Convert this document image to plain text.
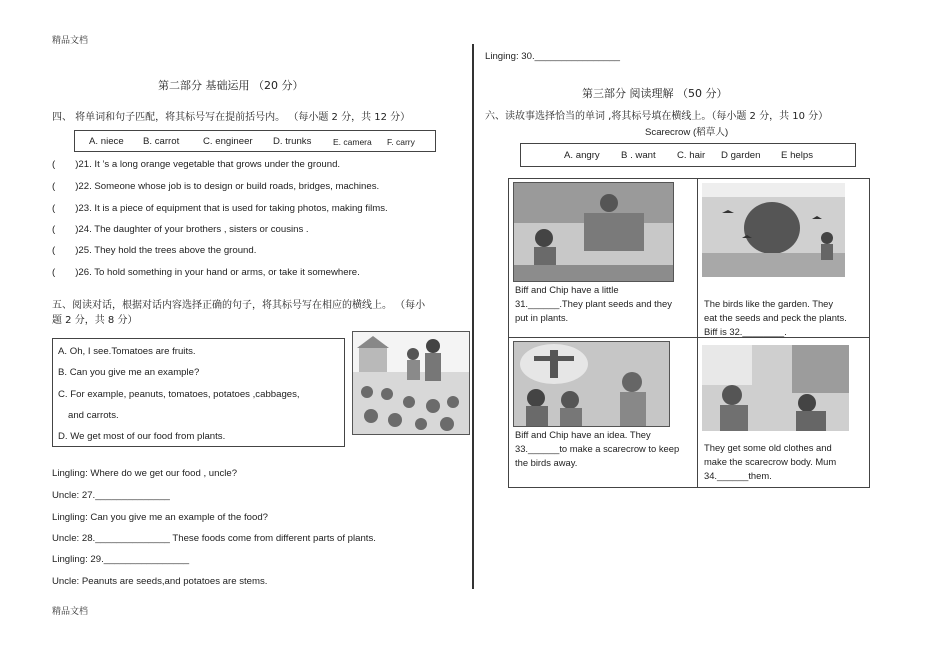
精品文档
精品文档
第二部分 基础运用 （20 分）
四、 将单词和句子匹配，将其标号写在提前括号内。 （每小题 2 分，共 12 分）
A. niece B. carrot C. engineer D. trunks	E. camera F. carry
( )21. It ’s a long orange vegetable that grows under the ground.
( )22. Someone whose job is to design or build roads, bridges, machines.
( )23. It is a piece of equipment that is used for taking photos, making films.
( )24. The daughter of your brothers , sisters or cousins .
( )25. They hold the trees above the ground.
( )26. To hold something in your hand or arms, or take it somewhere.
五、阅读对话，根据对话内容选择正确的句子，将其标号写在相应的横线上。 （每小
题 2 分，共 8 分）
A. Oh, I see.Tomatoes are fruits.
B. Can you give me an example?
C. For example, peanuts, tomatoes, potatoes ,cabbages,
and carrots.
D. We get most of our food from plants.
Lingling: Where do we get our food , uncle?
Uncle: 27.______________
Lingling: Can you give me an example of the food?
Uncle: 28.______________ These foods come from different parts of plants.
Lingling: 29.________________
Uncle: Peanuts are seeds,and potatoes are stems.
Linging: 30.________________
第三部分 阅读理解 （50 分）
六、读故事选择恰当的单词 ,将其标号填在横线上。（每小题 2 分，共 10 分）
Scarecrow (稻草人)
A. angry B . want C. hair D garden E helps
Biff and Chip have a little
31.______.They plant seeds and they
put in plants.
The birds like the garden. They
eat the seeds and peck the plants.
Biff is 32.________.
Biff and Chip have an idea. They
33.______to make a scarecrow to keep
the birds away.
They get some old clothes and
make the scarecrow body. Mum
34.______them.
